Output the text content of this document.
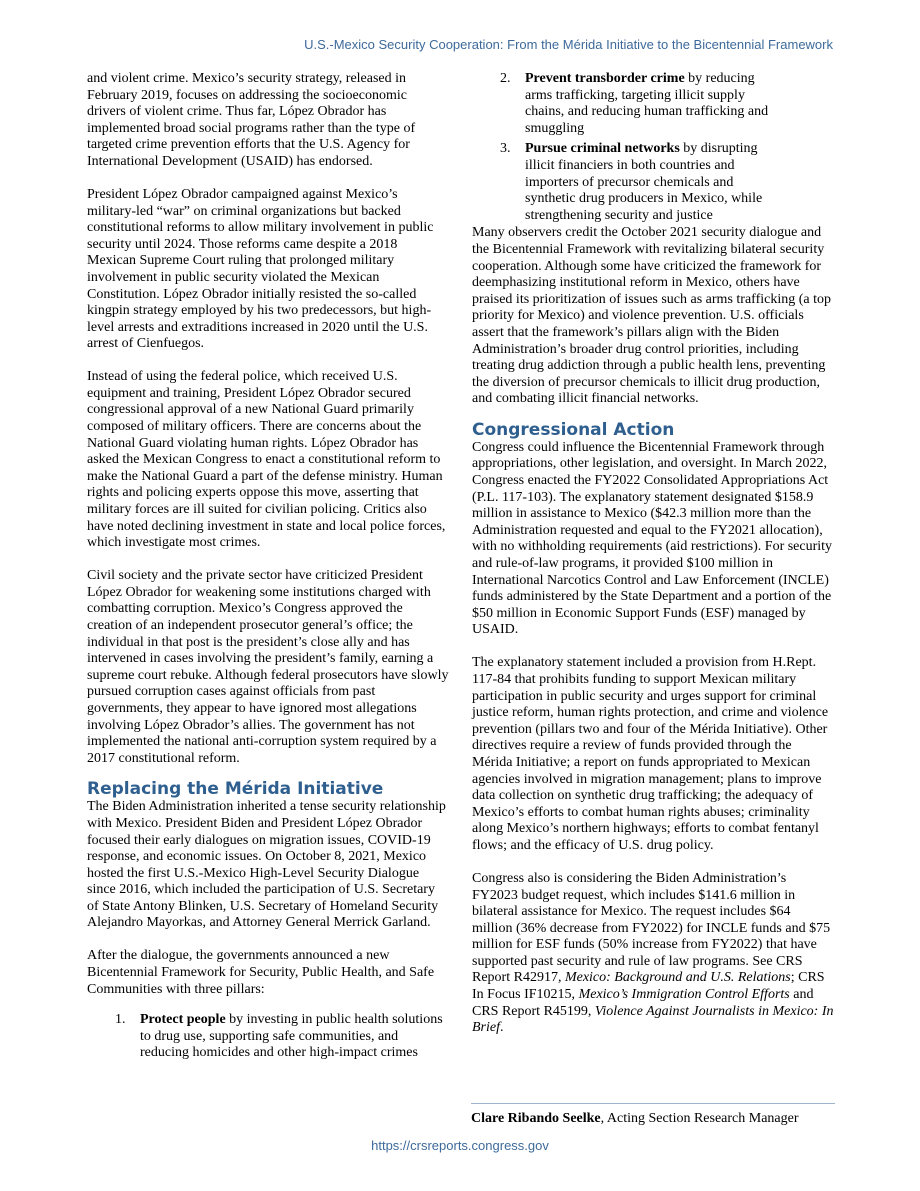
U.S.-Mexico Security Cooperation: From the Mérida Initiative to the Bicentennial Framework

and violent crime. Mexico’s security strategy, released in February 2019, focuses on addressing the socioeconomic drivers of violent crime. Thus far, López Obrador has implemented broad social programs rather than the type of targeted crime prevention efforts that the U.S. Agency for International Development (USAID) has endorsed.

President López Obrador campaigned against Mexico’s military-led “war” on criminal organizations but backed constitutional reforms to allow military involvement in public security until 2024. Those reforms came despite a 2018 Mexican Supreme Court ruling that prolonged military involvement in public security violated the Mexican Constitution. López Obrador initially resisted the so-called kingpin strategy employed by his two predecessors, but high-level arrests and extraditions increased in 2020 until the U.S. arrest of Cienfuegos.

Instead of using the federal police, which received U.S. equipment and training, President López Obrador secured congressional approval of a new National Guard primarily composed of military officers. There are concerns about the National Guard violating human rights. López Obrador has asked the Mexican Congress to enact a constitutional reform to make the National Guard a part of the defense ministry. Human rights and policing experts oppose this move, asserting that military forces are ill suited for civilian policing. Critics also have noted declining investment in state and local police forces, which investigate most crimes.

Civil society and the private sector have criticized President López Obrador for weakening some institutions charged with combatting corruption. Mexico’s Congress approved the creation of an independent prosecutor general’s office; the individual in that post is the president’s close ally and has intervened in cases involving the president’s family, earning a supreme court rebuke. Although federal prosecutors have slowly pursued corruption cases against officials from past governments, they appear to have ignored most allegations involving López Obrador’s allies. The government has not implemented the national anti-corruption system required by a 2017 constitutional reform.

Replacing the Mérida Initiative

The Biden Administration inherited a tense security relationship with Mexico. President Biden and President López Obrador focused their early dialogues on migration issues, COVID-19 response, and economic issues. On October 8, 2021, Mexico hosted the first U.S.-Mexico High-Level Security Dialogue since 2016, which included the participation of U.S. Secretary of State Antony Blinken, U.S. Secretary of Homeland Security Alejandro Mayorkas, and Attorney General Merrick Garland.

After the dialogue, the governments announced a new Bicentennial Framework for Security, Public Health, and Safe Communities with three pillars:

1. Protect people by investing in public health solutions to drug use, supporting safe communities, and reducing homicides and other high-impact crimes
2. Prevent transborder crime by reducing arms trafficking, targeting illicit supply chains, and reducing human trafficking and smuggling
3. Pursue criminal networks by disrupting illicit financiers in both countries and importers of precursor chemicals and synthetic drug producers in Mexico, while strengthening security and justice

Many observers credit the October 2021 security dialogue and the Bicentennial Framework with revitalizing bilateral security cooperation. Although some have criticized the framework for deemphasizing institutional reform in Mexico, others have praised its prioritization of issues such as arms trafficking (a top priority for Mexico) and violence prevention. U.S. officials assert that the framework’s pillars align with the Biden Administration’s broader drug control priorities, including treating drug addiction through a public health lens, preventing the diversion of precursor chemicals to illicit drug production, and combating illicit financial networks.

Congressional Action

Congress could influence the Bicentennial Framework through appropriations, other legislation, and oversight. In March 2022, Congress enacted the FY2022 Consolidated Appropriations Act (P.L. 117-103). The explanatory statement designated $158.9 million in assistance to Mexico ($42.3 million more than the Administration requested and equal to the FY2021 allocation), with no withholding requirements (aid restrictions). For security and rule-of-law programs, it provided $100 million in International Narcotics Control and Law Enforcement (INCLE) funds administered by the State Department and a portion of the $50 million in Economic Support Funds (ESF) managed by USAID.

The explanatory statement included a provision from H.Rept. 117-84 that prohibits funding to support Mexican military participation in public security and urges support for criminal justice reform, human rights protection, and crime and violence prevention (pillars two and four of the Mérida Initiative). Other directives require a review of funds provided through the Mérida Initiative; a report on funds appropriated to Mexican agencies involved in migration management; plans to improve data collection on synthetic drug trafficking; the adequacy of Mexico’s efforts to combat human rights abuses; criminality along Mexico’s northern highways; efforts to combat fentanyl flows; and the efficacy of U.S. drug policy.

Congress also is considering the Biden Administration’s FY2023 budget request, which includes $141.6 million in bilateral assistance for Mexico. The request includes $64 million (36% decrease from FY2022) for INCLE funds and $75 million for ESF funds (50% increase from FY2022) that have supported past security and rule of law programs. See CRS Report R42917, Mexico: Background and U.S. Relations; CRS In Focus IF10215, Mexico’s Immigration Control Efforts and CRS Report R45199, Violence Against Journalists in Mexico: In Brief.

Clare Ribando Seelke, Acting Section Research Manager
https://crsreports.congress.gov
